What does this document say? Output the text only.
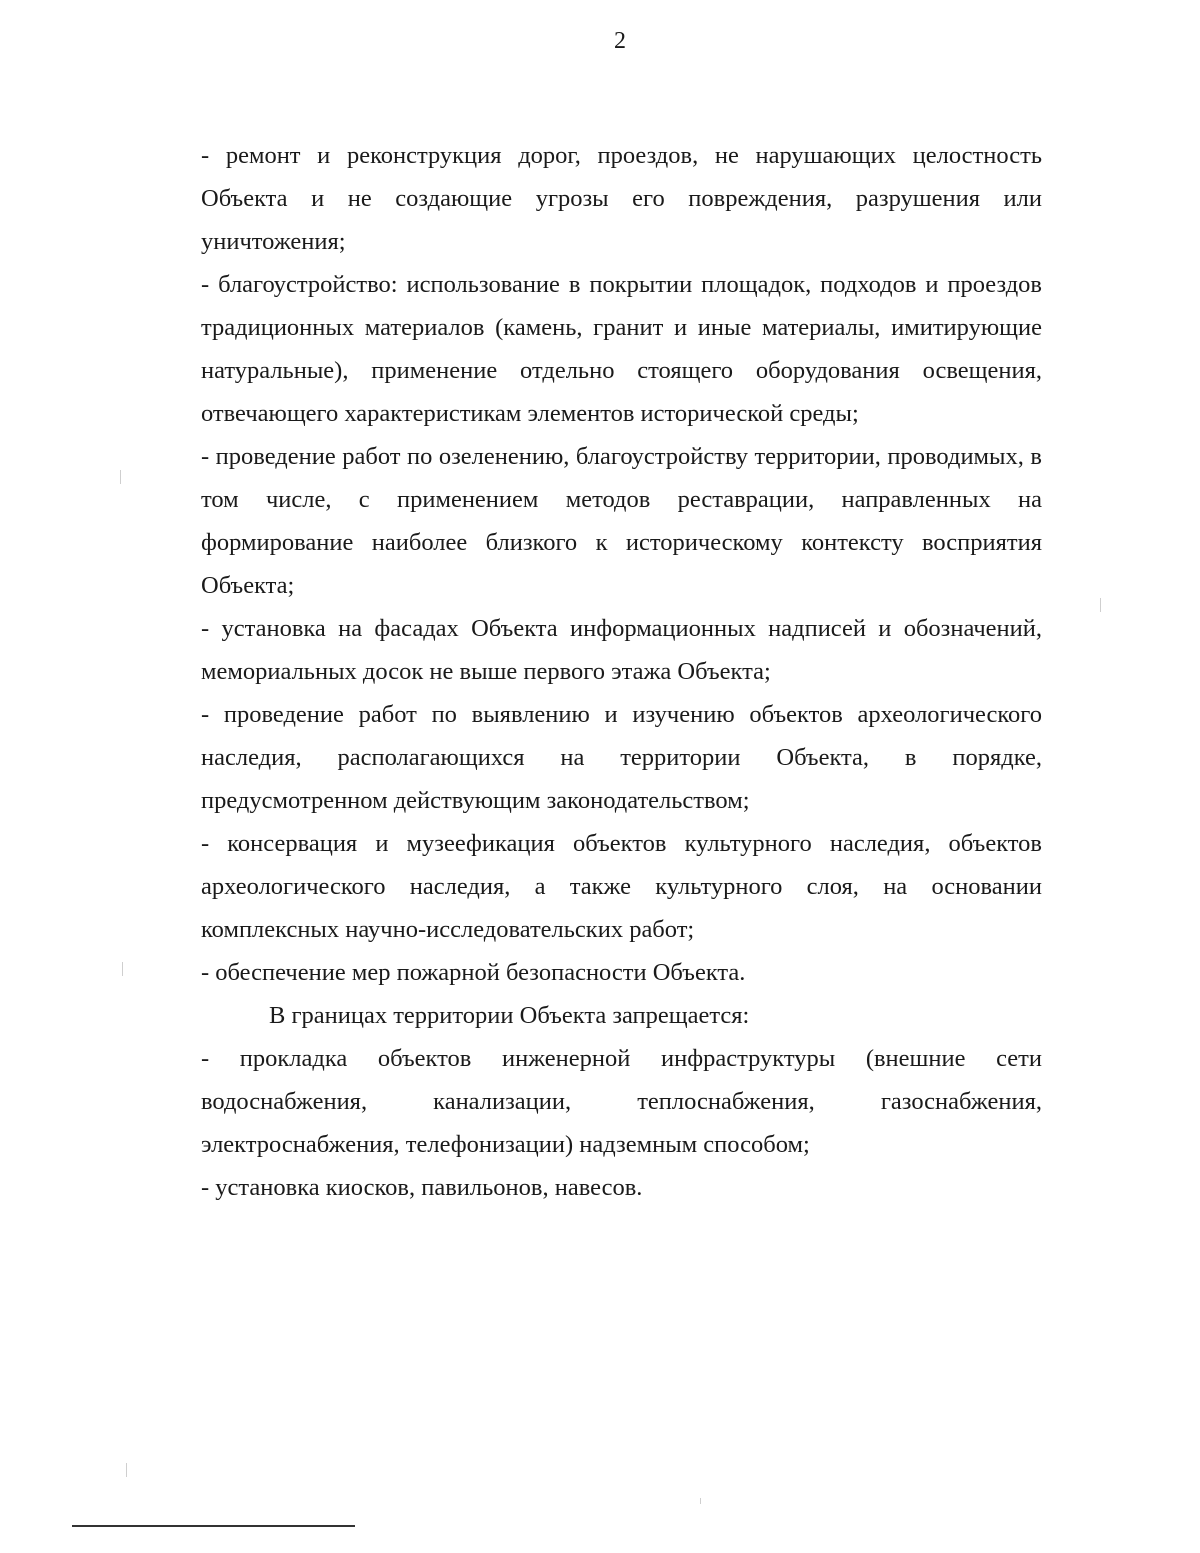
2

- ремонт и реконструкция дорог, проездов, не нарушающих целостность Объекта и не создающие угрозы его повреждения, разрушения или уничтожения;

- благоустройство: использование в покрытии площадок, подходов и проездов традиционных материалов (камень, гранит и иные материалы, имитирующие натуральные), применение отдельно стоящего оборудования освещения, отвечающего характеристикам элементов исторической среды;

- проведение работ по озеленению, благоустройству территории, проводимых, в том числе, с применением методов реставрации, направленных на формирование наиболее близкого к историческому контексту восприятия Объекта;

- установка на фасадах Объекта информационных надписей и обозначений, мемориальных досок не выше первого этажа Объекта;

- проведение работ по выявлению и изучению объектов археологического наследия, располагающихся на территории Объекта, в порядке, предусмотренном действующим законодательством;

- консервация и музеефикация объектов культурного наследия, объектов археологического наследия, а также культурного слоя, на основании комплексных научно-исследовательских работ;

- обеспечение мер пожарной безопасности Объекта.

В границах территории Объекта запрещается:

- прокладка объектов инженерной инфраструктуры (внешние сети водоснабжения, канализации, теплоснабжения, газоснабжения, электроснабжения, телефонизации) надземным способом;

- установка киосков, павильонов, навесов.
